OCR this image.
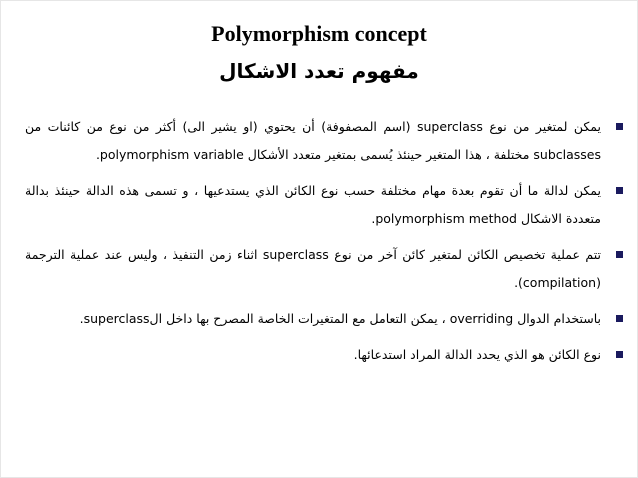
Polymorphism concept
مفهوم تعدد الاشكال
يمكن لمتغير من نوع superclass (اسم المصفوفة) أن يحتوي (او يشير الى) أكثر من نوع من كائنات من subclasses مختلفة ، هذا المتغير حينئذ يُسمى بمتغير متعدد الأشكال polymorphism variable.
يمكن لدالة ما أن تقوم بعدة مهام مختلفة حسب نوع الكائن الذي يستدعيها ، و تسمى هذه الدالة حينئذ بدالة متعددة الاشكال polymorphism method.
تتم عملية تخصيص الكائن لمتغير كائن آخر من نوع superclass اثناء زمن التنفيذ ، وليس عند عملية الترجمة (compilation).
باستخدام الدوال overriding ، يمكن التعامل مع المتغيرات الخاصة المصرح بها داخل الsuperclass.
نوع الكائن هو الذي يحدد الدالة المراد استدعائها.
